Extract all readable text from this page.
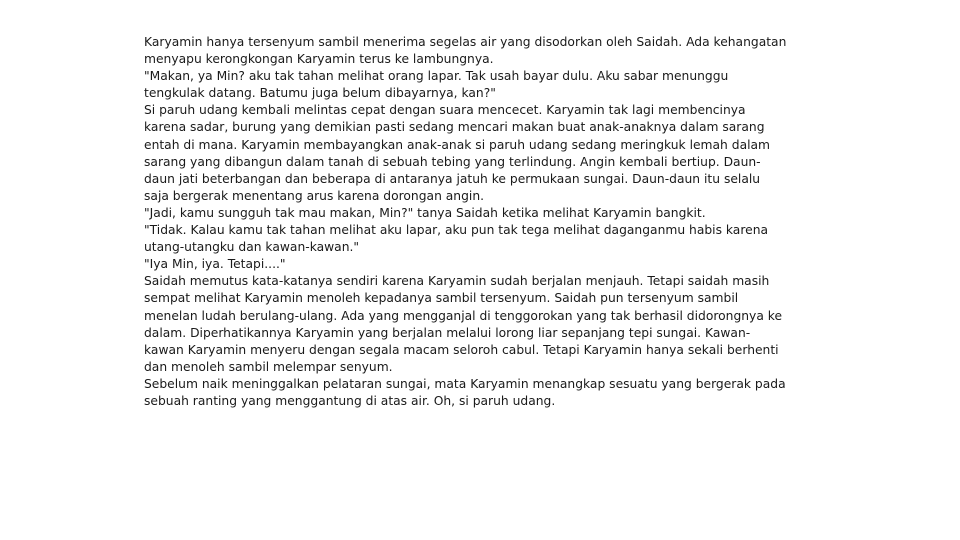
Karyamin hanya tersenyum sambil menerima segelas air yang disodorkan oleh Saidah. Ada kehangatan
menyapu kerongkongan Karyamin terus ke lambungnya.
"Makan, ya Min? aku tak tahan melihat orang lapar. Tak usah bayar dulu. Aku sabar menunggu
tengkulak datang. Batumu juga belum dibayarnya, kan?"
Si paruh udang kembali melintas cepat dengan suara mencecet. Karyamin tak lagi membencinya
karena sadar, burung yang demikian pasti sedang mencari makan buat anak-anaknya dalam sarang
entah di mana. Karyamin membayangkan anak-anak si paruh udang sedang meringkuk lemah dalam
sarang yang dibangun dalam tanah di sebuah tebing yang terlindung. Angin kembali bertiup. Daun-
daun jati beterbangan dan beberapa di antaranya jatuh ke permukaan sungai. Daun-daun itu selalu
saja bergerak menentang arus karena dorongan angin.
"Jadi, kamu sungguh tak mau makan, Min?" tanya Saidah ketika melihat Karyamin bangkit.
"Tidak. Kalau kamu tak tahan melihat aku lapar, aku pun tak tega melihat daganganmu habis karena
utang-utangku dan kawan-kawan."
"Iya Min, iya. Tetapi...."
Saidah memutus kata-katanya sendiri karena Karyamin sudah berjalan menjauh. Tetapi saidah masih
sempat melihat Karyamin menoleh kepadanya sambil tersenyum. Saidah pun tersenyum sambil
menelan ludah berulang-ulang. Ada yang mengganjal di tenggorokan yang tak berhasil didorongnya ke
dalam. Diperhatikannya Karyamin yang berjalan melalui lorong liar sepanjang tepi sungai. Kawan-
kawan Karyamin menyeru dengan segala macam seloroh cabul. Tetapi Karyamin hanya sekali berhenti
dan menoleh sambil melempar senyum.
Sebelum naik meninggalkan pelataran sungai, mata Karyamin menangkap sesuatu yang bergerak pada
sebuah ranting yang menggantung di atas air. Oh, si paruh udang.
